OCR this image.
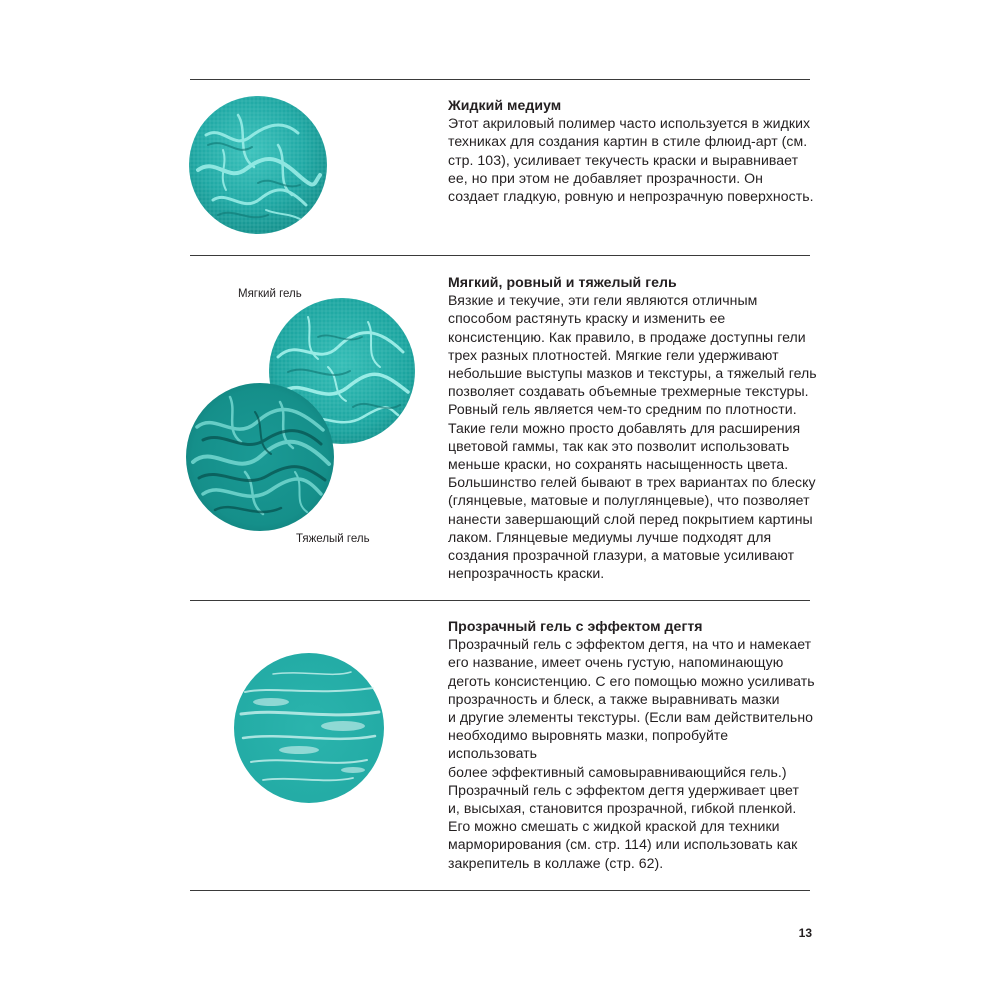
Жидкий медиум

Этот акриловый полимер часто используется в жидких

техниках для создания картин в стиле флюид-арт (см.

стр. 103), усиливает текучесть краски и выравнивает

ее, но при этом не добавляет прозрачности. Он

создает гладкую, ровную и непрозрачную поверхность.

Мягкий гель
Тяжелый гель
Мягкий, ровный и тяжелый гель

Вязкие и текучие, эти гели являются отличным

способом растянуть краску и изменить ее

консистенцию. Как правило, в продаже доступны гели

трех разных плотностей. Мягкие гели удерживают

небольшие выступы мазков и текстуры, а тяжелый гель

позволяет создавать объемные трехмерные текстуры.

Ровный гель является чем-то средним по плотности.

Такие гели можно просто добавлять для расширения

цветовой гаммы, так как это позволит использовать

меньше краски, но сохранять насыщенность цвета.

Большинство гелей бывают в трех вариантах по блеску

(глянцевые, матовые и полуглянцевые), что позволяет

нанести завершающий слой перед покрытием картины

лаком. Глянцевые медиумы лучше подходят для

создания прозрачной глазури, а матовые усиливают

непрозрачность краски.

Прозрачный гель с эффектом дегтя

Прозрачный гель с эффектом дегтя, на что и намекает

его название, имеет очень густую, напоминающую

деготь консистенцию. С его помощью можно усиливать

прозрачность и блеск, а также выравнивать мазки

и другие элементы текстуры. (Если вам действительно

необходимо выровнять мазки, попробуйте использовать

более эффективный самовыравнивающийся гель.)

Прозрачный гель с эффектом дегтя удерживает цвет

и, высыхая, становится прозрачной, гибкой пленкой.

Его можно смешать с жидкой краской для техники

марморирования (см. стр. 114) или использовать как

закрепитель в коллаже (стр. 62).

13
